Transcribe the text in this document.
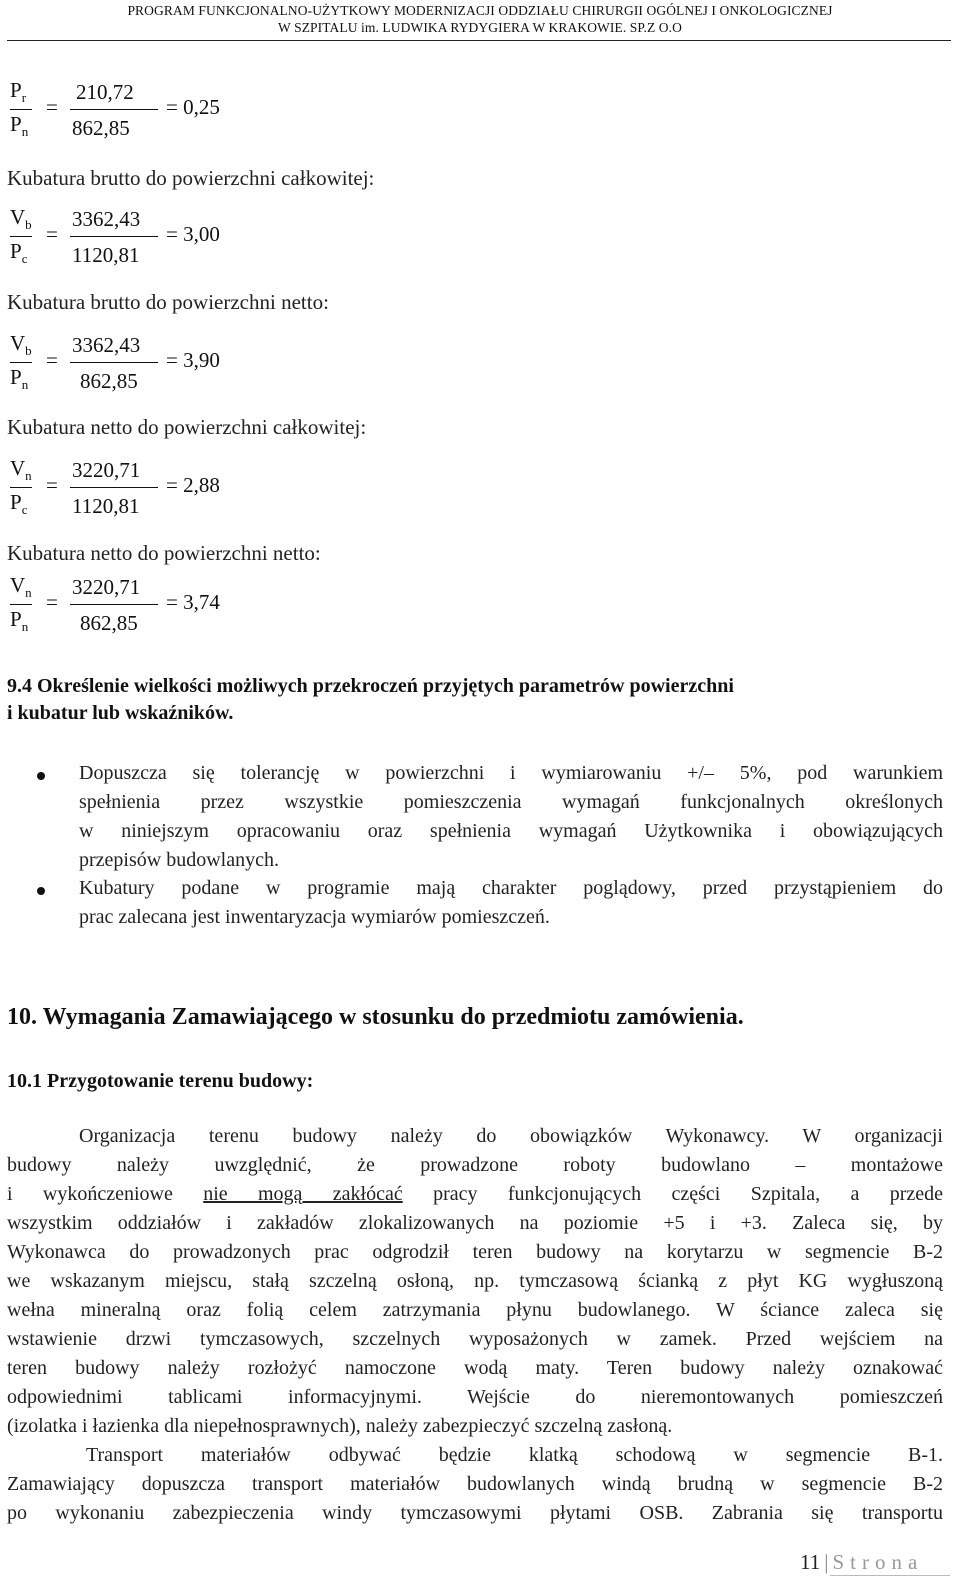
PROGRAM FUNKCJONALNO-UŻYTKOWY MODERNIZACJI ODDZIAŁU CHIRURGII OGÓLNEJ I ONKOLOGICZNEJ
W SZPITALU im. LUDWIKA RYDYGIERA W KRAKOWIE. SP.Z O.O
$P_r$
$P_n$
=
210,72
862,85
= 0,25
Kubatura brutto do powierzchni całkowitej:
$V_b$
$P_c$
=
3362,43
1120,81
= 3,00
Kubatura brutto do powierzchni netto:
$V_b$
$P_n$
=
3362,43
862,85
= 3,90
Kubatura netto do powierzchni całkowitej:
$V_n$
$P_c$
=
3220,71
1120,81
= 2,88
Kubatura netto do powierzchni netto:
$V_n$
$P_n$
=
3220,71
862,85
= 3,74
9.4 Określenie wielkości możliwych przekroczeń przyjętych parametrów powierzchni
i kubatur lub wskaźników.
Dopuszcza się tolerancję w powierzchni i wymiarowaniu +/– 5%, pod warunkiem
spełnienia przez wszystkie pomieszczenia wymagań funkcjonalnych określonych
w niniejszym opracowaniu oraz spełnienia wymagań Użytkownika i obowiązujących
przepisów budowlanych.
Kubatury podane w programie mają charakter poglądowy, przed przystąpieniem do
prac zalecana jest inwentaryzacja wymiarów pomieszczeń.
10. Wymagania Zamawiającego w stosunku do przedmiotu zamówienia.
10.1 Przygotowanie terenu budowy:
Organizacja terenu budowy należy do obowiązków Wykonawcy. W organizacji
budowy należy uwzględnić, że prowadzone roboty budowlano – montażowe
i wykończeniowe nie mogą zakłócać pracy funkcjonujących części Szpitala, a przede
wszystkim oddziałów i zakładów zlokalizowanych na poziomie +5 i +3. Zaleca się, by
Wykonawca do prowadzonych prac odgrodził teren budowy na korytarzu w segmencie B-2
we wskazanym miejscu, stałą szczelną osłoną, np. tymczasową ścianką z płyt KG wygłuszoną
wełna mineralną oraz folią celem zatrzymania płynu budowlanego. W ściance zaleca się
wstawienie drzwi tymczasowych, szczelnych wyposażonych w zamek. Przed wejściem na
teren budowy należy rozłożyć namoczone wodą maty. Teren budowy należy oznakować
odpowiednimi tablicami informacyjnymi. Wejście do nieremontowanych pomieszczeń
(izolatka i łazienka dla niepełnosprawnych), należy zabezpieczyć szczelną zasłoną.
Transport materiałów odbywać będzie klatką schodową w segmencie B-1.
Zamawiający dopuszcza transport materiałów budowlanych windą brudną w segmencie B-2
po wykonaniu zabezpieczenia windy tymczasowymi płytami OSB. Zabrania się transportu
11 | Strona
